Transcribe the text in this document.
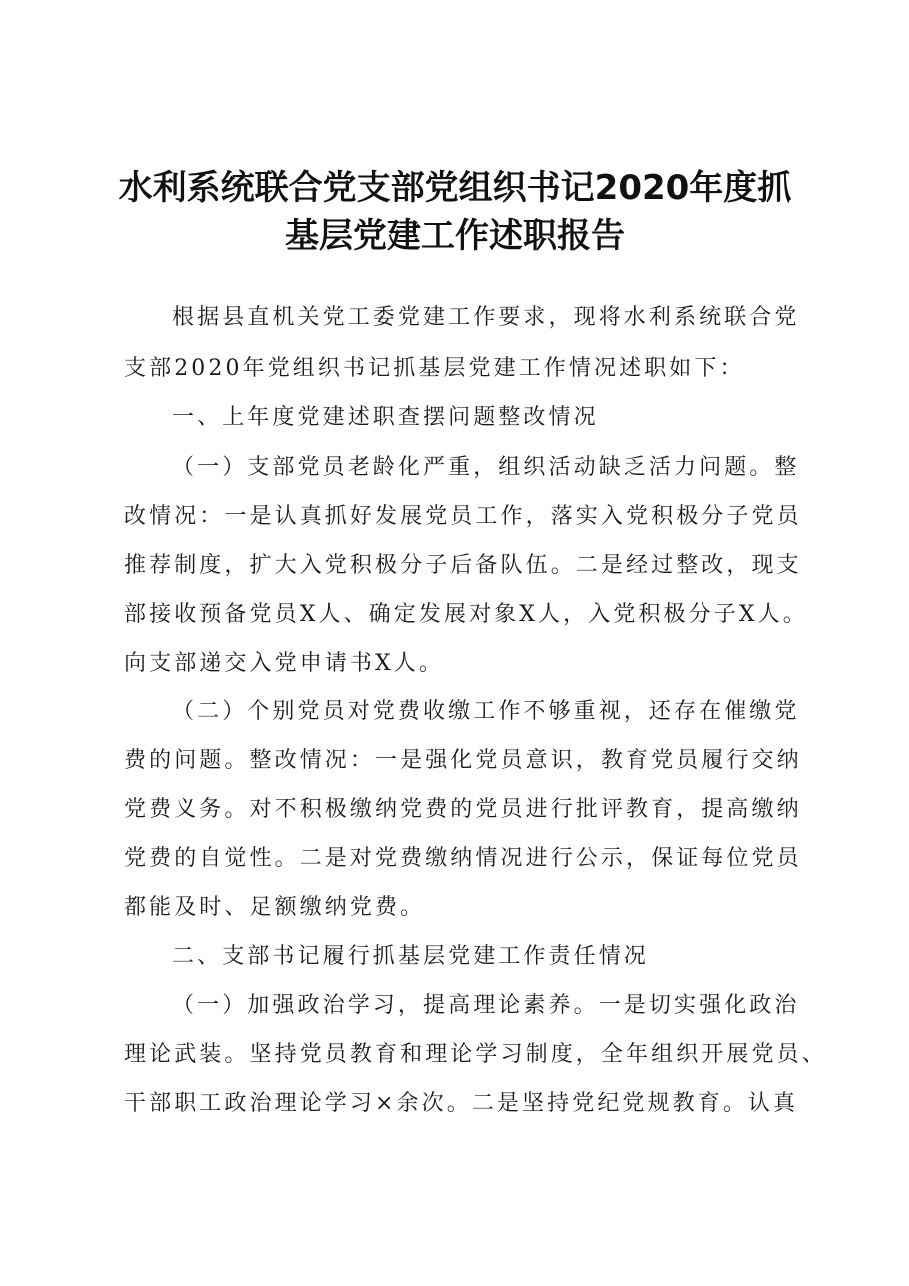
水利系统联合党支部党组织书记2020年度抓
基层党建工作述职报告

根据县直机关党工委党建工作要求，现将水利系统联合党

支部2020年党组织书记抓基层党建工作情况述职如下：

一、上年度党建述职查摆问题整改情况

（一）支部党员老龄化严重，组织活动缺乏活力问题。整

改情况：一是认真抓好发展党员工作，落实入党积极分子党员

推荐制度，扩大入党积极分子后备队伍。二是经过整改，现支

部接收预备党员X人、确定发展对象X人，入党积极分子X人。

向支部递交入党申请书X人。

（二）个别党员对党费收缴工作不够重视，还存在催缴党

费的问题。整改情况：一是强化党员意识，教育党员履行交纳

党费义务。对不积极缴纳党费的党员进行批评教育，提高缴纳

党费的自觉性。二是对党费缴纳情况进行公示，保证每位党员

都能及时、足额缴纳党费。

二、支部书记履行抓基层党建工作责任情况

（一）加强政治学习，提高理论素养。一是切实强化政治

理论武装。坚持党员教育和理论学习制度，全年组织开展党员、

干部职工政治理论学习×余次。二是坚持党纪党规教育。认真
